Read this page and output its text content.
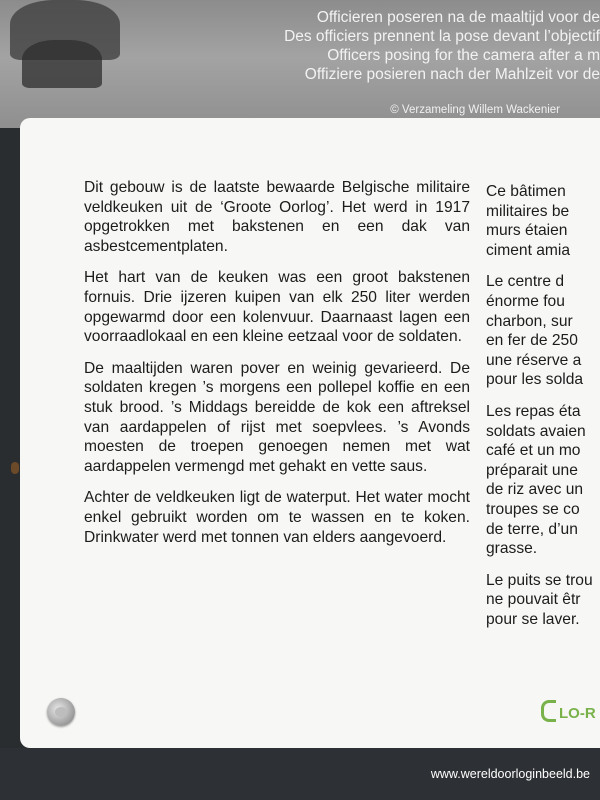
Officieren poseren na de maaltijd voor de
Des officiers prennent la pose devant l’objectif
Officers posing for the camera after a m
Offiziere posieren nach der Mahlzeit vor de
© Verzameling Willem Wackenier

Dit gebouw is de laatste bewaarde Belgische militaire veldkeuken uit de ‘Groote Oorlog’. Het werd in 1917 opgetrokken met bakstenen en een dak van asbestcementplaten.

Het hart van de keuken was een groot bakstenen fornuis. Drie ijzeren kuipen van elk 250 liter werden opgewarmd door een kolenvuur. Daarnaast lagen een voorraadlokaal en een kleine eetzaal voor de soldaten.

De maaltijden waren pover en weinig gevarieerd. De soldaten kregen ’s morgens een pollepel koffie en een stuk brood. ’s Middags bereidde de kok een aftreksel van aardappelen of rijst met soepvlees. ’s Avonds moesten de troepen genoegen nemen met wat aardappelen vermengd met gehakt en vette saus.

Achter de veldkeuken ligt de waterput. Het water mocht enkel gebruikt worden om te wassen en te koken. Drinkwater werd met tonnen van elders aangevoerd.

Ce bâtimen
militaires be
murs étaien
ciment amia

Le centre d
énorme fou
charbon, sur
en fer de 250
une réserve a
pour les solda

Les repas éta
soldats avaien
café et un mo
préparait une
de riz avec un
troupes se co
de terre, d’un
grasse.

Le puits se trou
ne pouvait êtr
pour se laver.

LO-R
www.wereldoorloginbeeld.be
